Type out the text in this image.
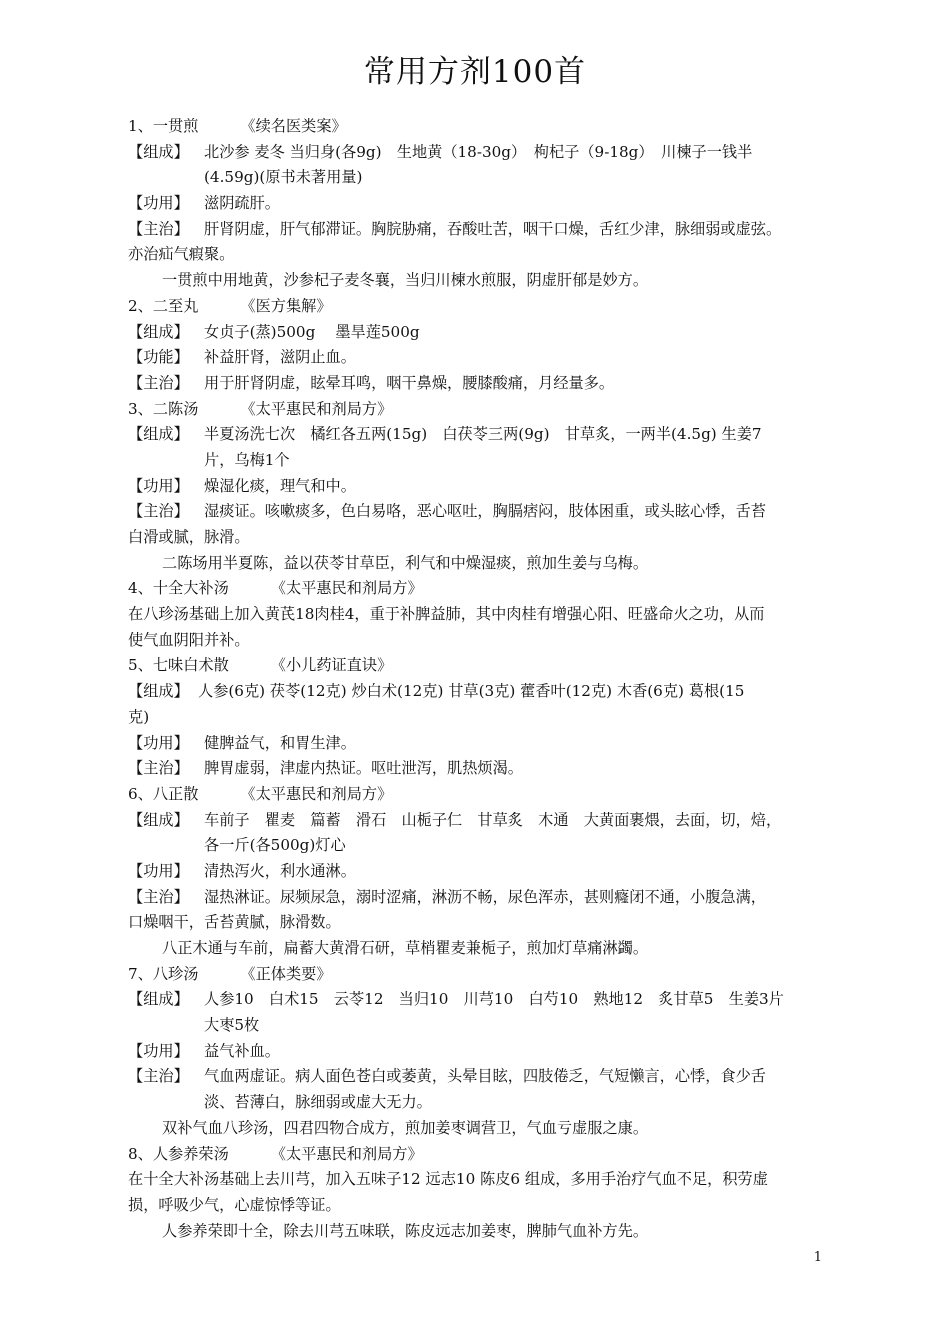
常用方剂100首
1、一贯煎	《续名医类案》
【组成】	北沙参 麦冬 当归身(各9g)　生地黄（18-30g）　枸杞子（9-18g）　川楝子一钱半
(4.59g)(原书未著用量)
【功用】	滋阴疏肝。
【主治】	肝肾阴虚，肝气郁滞证。胸脘胁痛，吞酸吐苦，咽干口燥，舌红少津，脉细弱或虚弦。
亦治疝气瘕聚。
一贯煎中用地黄，沙参杞子麦冬襄，当归川楝水煎服，阴虚肝郁是妙方。
2、二至丸	《医方集解》
【组成】	女贞子(蒸)500g　 墨旱莲500g
【功能】	补益肝肾，滋阴止血。
【主治】	用于肝肾阴虚，眩晕耳鸣，咽干鼻燥，腰膝酸痛，月经量多。
3、二陈汤	《太平惠民和剂局方》
【组成】	半夏汤洗七次　橘红各五两(15g)　白茯苓三两(9g)　甘草炙，一两半(4.5g) 生姜7
片，乌梅1个
【功用】	燥湿化痰，理气和中。
【主治】	湿痰证。咳嗽痰多，色白易咯，恶心呕吐，胸膈痞闷，肢体困重，或头眩心悸，舌苔
白滑或腻，脉滑。
二陈场用半夏陈，益以茯苓甘草臣，利气和中燥湿痰，煎加生姜与乌梅。
4、十全大补汤	《太平惠民和剂局方》
在八珍汤基础上加入黄芪18肉桂4，重于补脾益肺，其中肉桂有增强心阳、旺盛命火之功，从而
使气血阴阳并补。
5、七味白术散	《小儿药证直诀》
【组成】 人参(6克) 茯苓(12克) 炒白术(12克) 甘草(3克) 藿香叶(12克) 木香(6克) 葛根(15
克)
【功用】	健脾益气，和胃生津。
【主治】	脾胃虚弱，津虚内热证。呕吐泄泻，肌热烦渴。
6、八正散	《太平惠民和剂局方》
【组成】	车前子　瞿麦　篇蓄　滑石　山栀子仁　甘草炙　木通　大黄面裹煨，去面，切，焙，
各一斤(各500g)灯心
【功用】	清热泻火，利水通淋。
【主治】	湿热淋证。尿频尿急，溺时涩痛，淋沥不畅，尿色浑赤，甚则癃闭不通，小腹急满，
口燥咽干，舌苔黄腻，脉滑数。
八正木通与车前，扁蓄大黄滑石研，草梢瞿麦兼栀子，煎加灯草痛淋蠲。
7、八珍汤	《正体类要》
【组成】	人参10　白术15　云苓12　当归10　川芎10　白芍10　熟地12　炙甘草5　生姜3片
大枣5枚
【功用】	益气补血。
【主治】	气血两虚证。病人面色苍白或萎黄，头晕目眩，四肢倦乏，气短懒言，心悸，食少舌
淡、苔薄白，脉细弱或虚大无力。
双补气血八珍汤，四君四物合成方，煎加姜枣调营卫，气血亏虚服之康。
8、人参养荣汤	《太平惠民和剂局方》
在十全大补汤基础上去川芎，加入五味子12 远志10 陈皮6 组成，多用手治疗气血不足，积劳虚
损，呼吸少气，心虚惊悸等证。
人参养荣即十全，除去川芎五味联，陈皮远志加姜枣，脾肺气血补方先。
1
